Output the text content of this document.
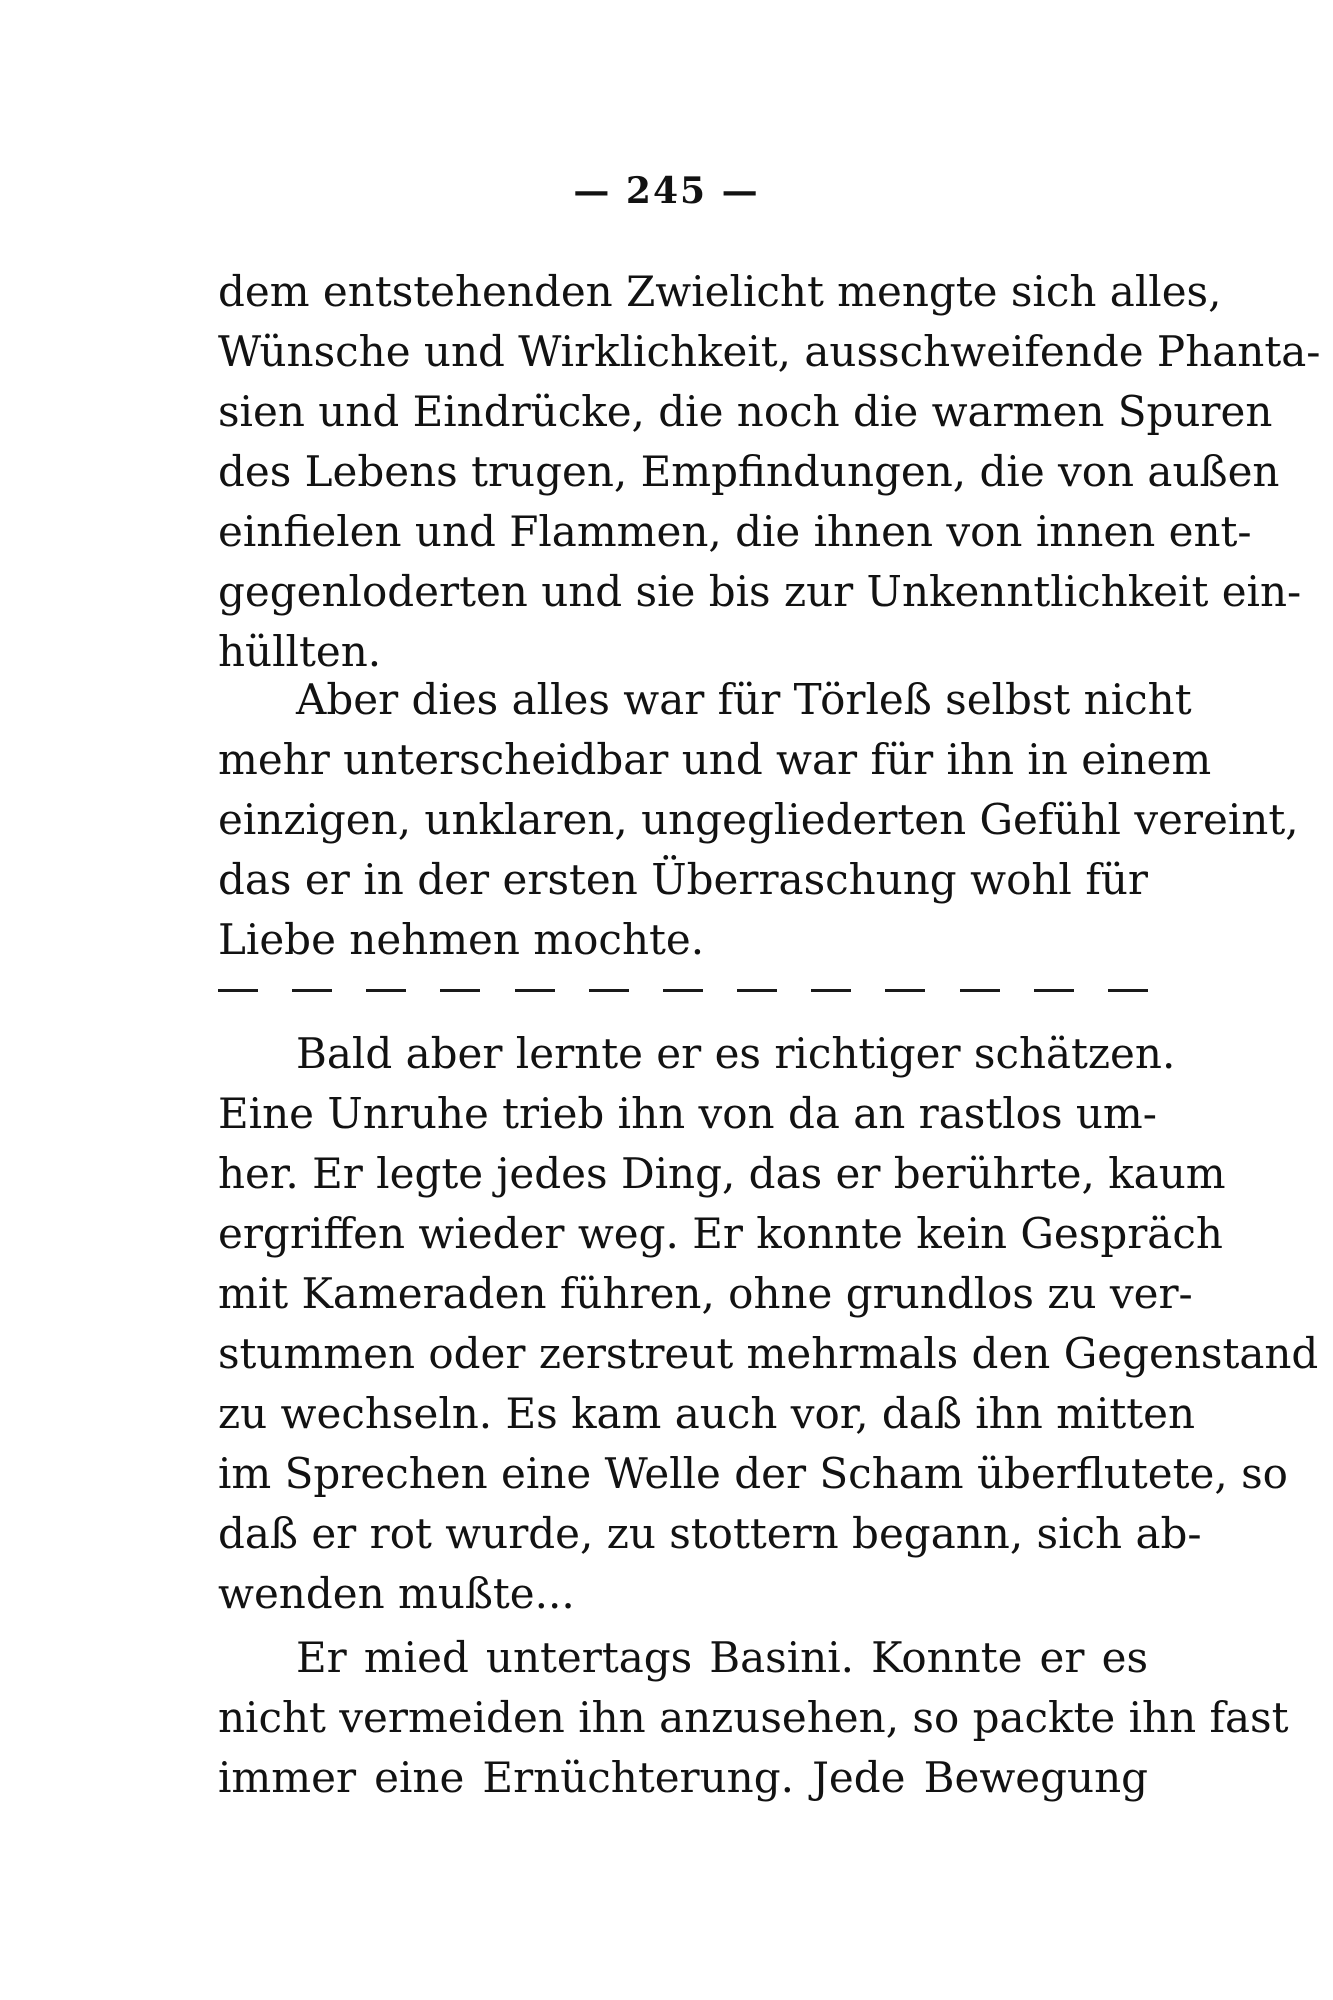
— 245 —
dem entstehenden Zwielicht mengte sich alles,
Wünsche und Wirklichkeit, ausschweifende Phanta-
sien und Eindrücke, die noch die warmen Spuren
des Lebens trugen, Empfindungen, die von außen
einfielen und Flammen, die ihnen von innen ent-
gegenloderten und sie bis zur Unkenntlichkeit ein-
hüllten.
Aber dies alles war für Törleß selbst nicht
mehr unterscheidbar und war für ihn in einem
einzigen, unklaren, ungegliederten Gefühl vereint,
das er in der ersten Überraschung wohl für
Liebe nehmen mochte.
Bald aber lernte er es richtiger schätzen.
Eine Unruhe trieb ihn von da an rastlos um-
her. Er legte jedes Ding, das er berührte, kaum
ergriffen wieder weg. Er konnte kein Gespräch
mit Kameraden führen, ohne grundlos zu ver-
stummen oder zerstreut mehrmals den Gegenstand
zu wechseln. Es kam auch vor, daß ihn mitten
im Sprechen eine Welle der Scham überflutete, so
daß er rot wurde, zu stottern begann, sich ab-
wenden mußte...
Er mied untertags Basini. Konnte er es
nicht vermeiden ihn anzusehen, so packte ihn fast
immer eine Ernüchterung. Jede Bewegung
